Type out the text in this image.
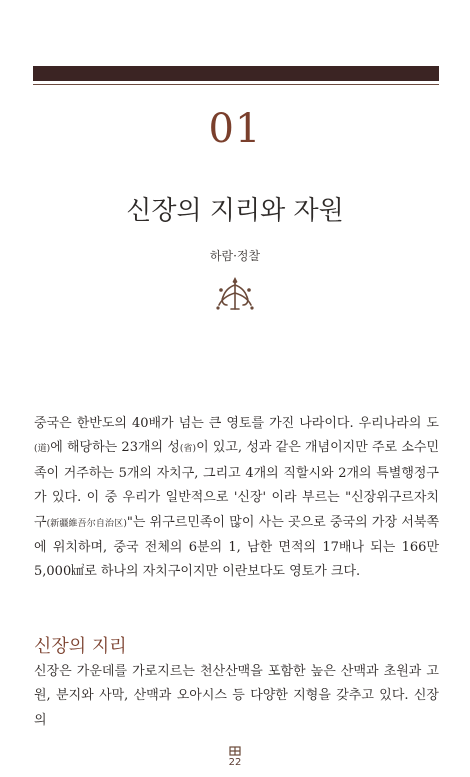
01
신장의 지리와 자원
하람·정찰

중국은 한반도의 40배가 넘는 큰 영토를 가진 나라이다. 우리나라의 도(道)에 해당하는 23개의 성(省)이 있고, 성과 같은 개념이지만 주로 소수민족이 거주하는 5개의 자치구, 그리고 4개의 직할시와 2개의 특별행정구가 있다. 이 중 우리가 일반적으로 '신장' 이라 부르는 "신장위구르자치구(新疆維吾尔自治区)"는 위구르민족이 많이 사는 곳으로 중국의 가장 서북쪽에 위치하며, 중국 전체의 6분의 1, 남한 면적의 17배나 되는 166만 5,000㎢로 하나의 자치구이지만 이란보다도 영토가 크다.

신장의 지리

신장은 가운데를 가로지르는 천산산맥을 포함한 높은 산맥과 초원과 고원, 분지와 사막, 산맥과 오아시스 등 다양한 지형을 갖추고 있다. 신장의

22
